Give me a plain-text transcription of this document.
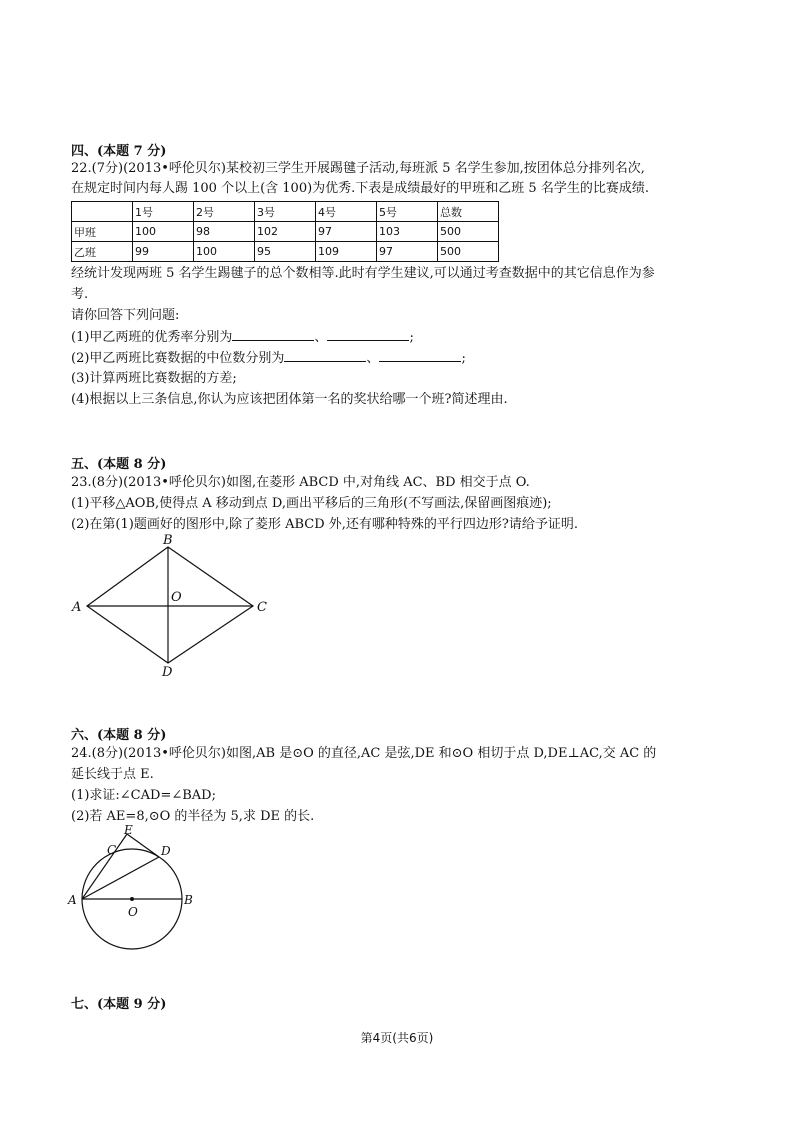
四、(本题 7 分)
22.(7分)(2013•呼伦贝尔)某校初三学生开展踢毽子活动,每班派 5 名学生参加,按团体总分排列名次,
在规定时间内每人踢 100 个以上(含 100)为优秀.下表是成绩最好的甲班和乙班 5 名学生的比赛成绩.
	1号	2号	3号	4号	5号	总数
甲班	100	98	102	97	103	500
乙班	99	100	95	109	97	500
经统计发现两班 5 名学生踢毽子的总个数相等.此时有学生建议,可以通过考查数据中的其它信息作为参
考.
请你回答下列问题:
(1)甲乙两班的优秀率分别为	、	;
(2)甲乙两班比赛数据的中位数分别为	、	;
(3)计算两班比赛数据的方差;
(4)根据以上三条信息,你认为应该把团体第一名的奖状给哪一个班?简述理由.
五、(本题 8 分)
23.(8分)(2013•呼伦贝尔)如图,在菱形 ABCD 中,对角线 AC、BD 相交于点 O.
(1)平移△AOB,使得点 A 移动到点 D,画出平移后的三角形(不写画法,保留画图痕迹);
(2)在第(1)题画好的图形中,除了菱形 ABCD 外,还有哪种特殊的平行四边形?请给予证明.
A
B
C
D
O
六、(本题 8 分)
24.(8分)(2013•呼伦贝尔)如图,AB 是⊙O 的直径,AC 是弦,DE 和⊙O 相切于点 D,DE⊥AC,交 AC 的
延长线于点 E.
(1)求证:∠CAD=∠BAD;
(2)若 AE=8,⊙O 的半径为 5,求 DE 的长.
A	B
C	D
E
O
七、(本题 9 分)
第4页(共6页)
